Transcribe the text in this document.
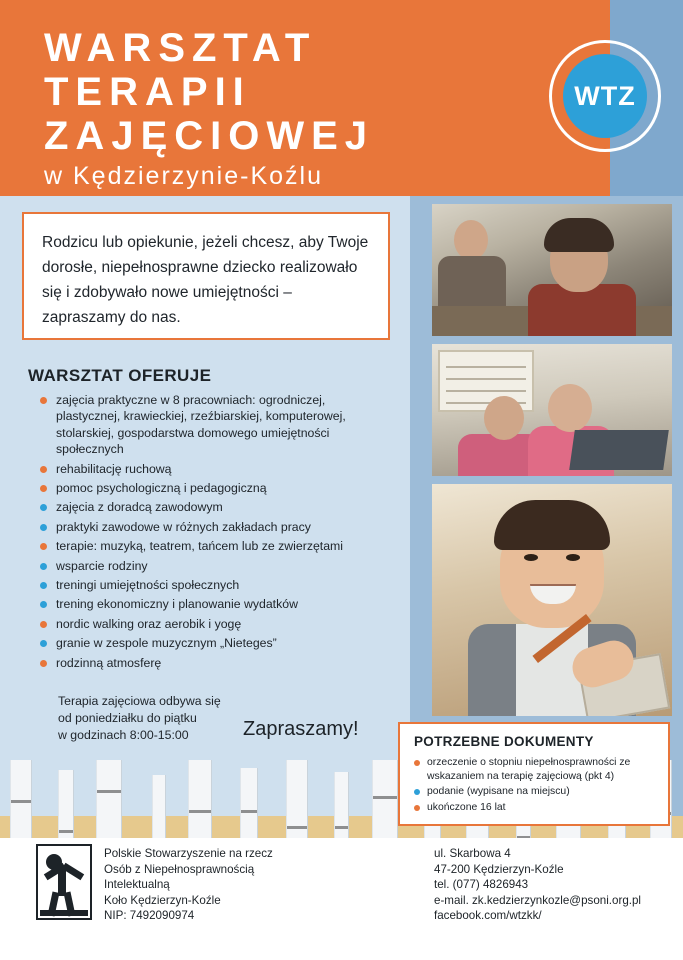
WARSZTAT
TERAPII
ZAJĘCIOWEJ
w Kędzierzynie-Koźlu
WTZ

Rodzicu lub opiekunie, jeżeli chcesz, aby Twoje dorosłe, niepełnosprawne dziecko realizowało się i zdobywało nowe umiejętności – zapraszamy do nas.

WARSZTAT OFERUJE
zajęcia praktyczne w 8 pracowniach: ogrodniczej, plastycznej, krawieckiej, rzeźbiarskiej, komputerowej, stolarskiej, gospodarstwa domowego umiejętności społecznych
rehabilitację ruchową
pomoc psychologiczną i pedagogiczną
zajęcia z doradcą zawodowym
praktyki zawodowe w różnych zakładach pracy
terapie: muzyką, teatrem, tańcem lub ze zwierzętami
wsparcie rodziny
treningi umiejętności społecznych
trening ekonomiczny i planowanie wydatków
nordic walking oraz aerobik i yogę
granie w zespole muzycznym „Nieteges”
rodzinną atmosferę
Terapia zajęciowa odbywa się
od poniedziałku do piątku
w godzinach 8:00-15:00	Zapraszamy!
POTRZEBNE DOKUMENTY
orzeczenie o stopniu niepełnosprawności ze wskazaniem na terapię zajęciową (pkt 4)
podanie (wypisane na miejscu)
ukończone 16 lat
Polskie Stowarzyszenie na rzecz
Osób z Niepełnosprawnością
Intelektualną
Koło Kędzierzyn-Koźle
NIP: 7492090974
ul. Skarbowa 4
47-200 Kędzierzyn-Koźle
tel. (077) 4826943
e-mail. zk.kedzierzynkozle@psoni.org.pl
facebook.com/wtzkk/
